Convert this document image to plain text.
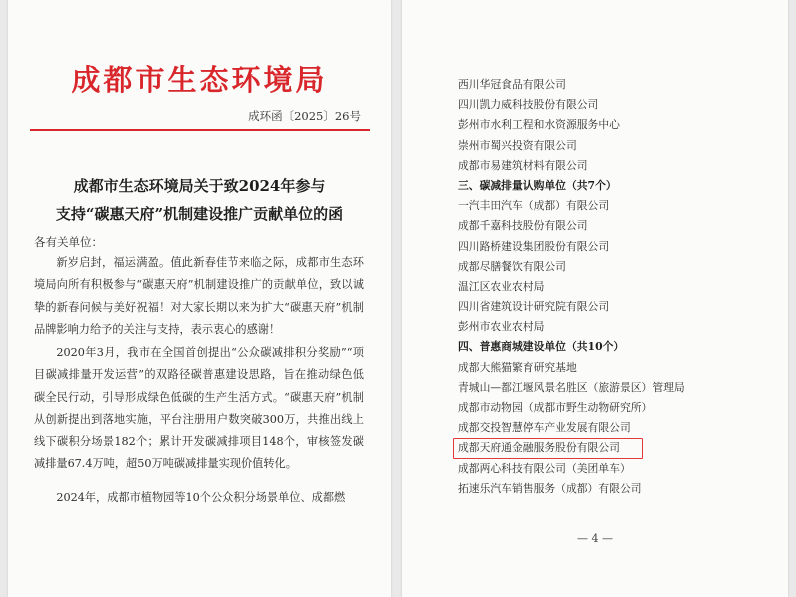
成都市生态环境局
成环函〔2025〕26号
成都市生态环境局关于致2024年参与
支持“碳惠天府”机制建设推广贡献单位的函
各有关单位：
新岁启封，福运满盈。值此新春佳节来临之际，成都市生态环境局向所有积极参与“碳惠天府”机制建设推广的贡献单位，致以诚挚的新春问候与美好祝福！对大家长期以来为扩大“碳惠天府”机制品牌影响力给予的关注与支持，表示衷心的感谢！
2020年3月，我市在全国首创提出“公众碳减排积分奖励”“项目碳减排量开发运营”的双路径碳普惠建设思路，旨在推动绿色低碳全民行动，引导形成绿色低碳的生产生活方式。“碳惠天府”机制从创新提出到落地实施，平台注册用户数突破300万，共推出线上线下碳积分场景182个；累计开发碳减排项目148个，审核签发碳减排量67.4万吨，超50万吨碳减排量实现价值转化。
2024年，成都市植物园等10个公众积分场景单位、成都燃
西川华冠食品有限公司
四川凯力威科技股份有限公司
彭州市水利工程和水资源服务中心
崇州市蜀兴投资有限公司
成都市易建筑材料有限公司
三、碳减排量认购单位（共7个）
一汽丰田汽车（成都）有限公司
成都千嘉科技股份有限公司
四川路桥建设集团股份有限公司
成都尽膳餐饮有限公司
温江区农业农村局
四川省建筑设计研究院有限公司
彭州市农业农村局
四、普惠商城建设单位（共10个）
成都大熊猫繁育研究基地
青城山—都江堰风景名胜区（旅游景区）管理局
成都市动物园（成都市野生动物研究所）
成都交投智慧停车产业发展有限公司
成都天府通金融服务股份有限公司
成都两心科技有限公司（美团单车）
拓速乐汽车销售服务（成都）有限公司
— 4 —
